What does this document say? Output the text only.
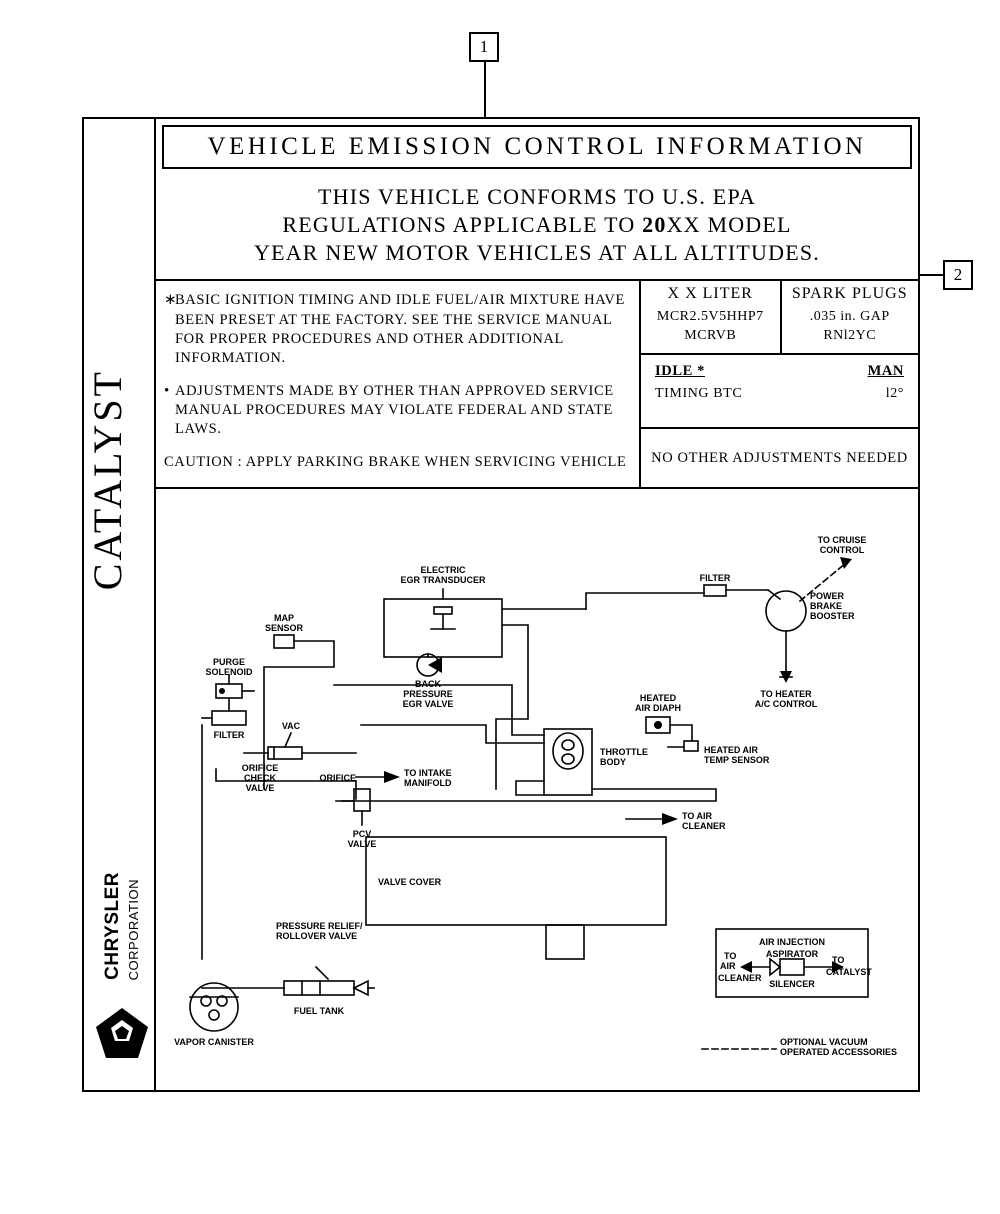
1
2
CATALYST
CHRYSLER CORPORATION
VEHICLE EMISSION CONTROL INFORMATION
THIS VEHICLE CONFORMS TO U.S. EPA
REGULATIONS APPLICABLE TO 20XX MODEL
YEAR NEW MOTOR VEHICLES AT ALL ALTITUDES.
∗
BASIC IGNITION TIMING AND IDLE FUEL/AIR MIXTURE HAVE BEEN PRESET AT THE FACTORY. SEE THE SERVICE MANUAL FOR PROPER PROCEDURES AND OTHER ADDITIONAL INFORMATION.
• ADJUSTMENTS MADE BY OTHER THAN APPROVED SERVICE MANUAL PROCEDURES MAY VIOLATE FEDERAL AND STATE LAWS.
CAUTION : APPLY PARKING BRAKE WHEN SERVICING VEHICLE
X X LITER
MCR2.5V5HHP7
MCRVB
SPARK PLUGS
.035 in. GAP
RNl2YC
IDLE *	MAN
TIMING BTC	l2°
NO OTHER ADJUSTMENTS NEEDED
ELECTRIC
EGR TRANSDUCER
MAP
SENSOR
PURGE
SOLENOID
FILTER
BACK
PRESSURE
EGR VALVE
VAC
ORIFICE
CHECK
VALVE
ORIFICE	TO INTAKE
MANIFOLD
PCV
VALVE
THROTTLE
BODY
HEATED
AIR DIAPH
HEATED AIR
TEMP SENSOR
TO AIR
CLEANER
FILTER
TO CRUISE
CONTROL
POWER
BRAKE
BOOSTER
TO HEATER
A/C CONTROL
VALVE COVER
PRESSURE RELIEF/
ROLLOVER VALVE
FUEL TANK
VAPOR CANISTER
AIR INJECTION
ASPIRATOR
SILENCER
TO
AIR
CLEANER
TO
CATALYST
OPTIONAL VACUUM
OPERATED ACCESSORIES
